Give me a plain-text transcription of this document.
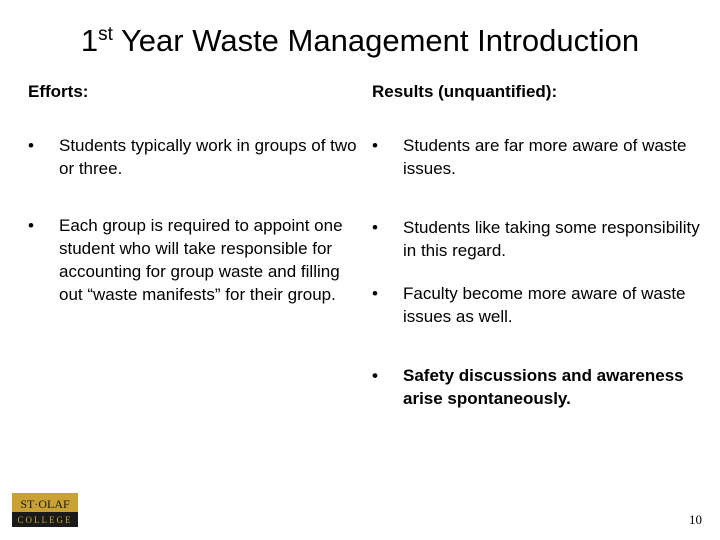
1st Year Waste Management Introduction
Efforts:
• Students typically work in groups of two or three.
• Each group is required to appoint one student who will take responsible for accounting for group waste and filling out “waste manifests” for their group.
Results (unquantified):
• Students are far more aware of waste issues.
• Students like taking some responsibility in this regard.
• Faculty become more aware of waste issues as well.
• Safety discussions and awareness arise spontaneously.
ST·OLAF
COLLEGE	10
